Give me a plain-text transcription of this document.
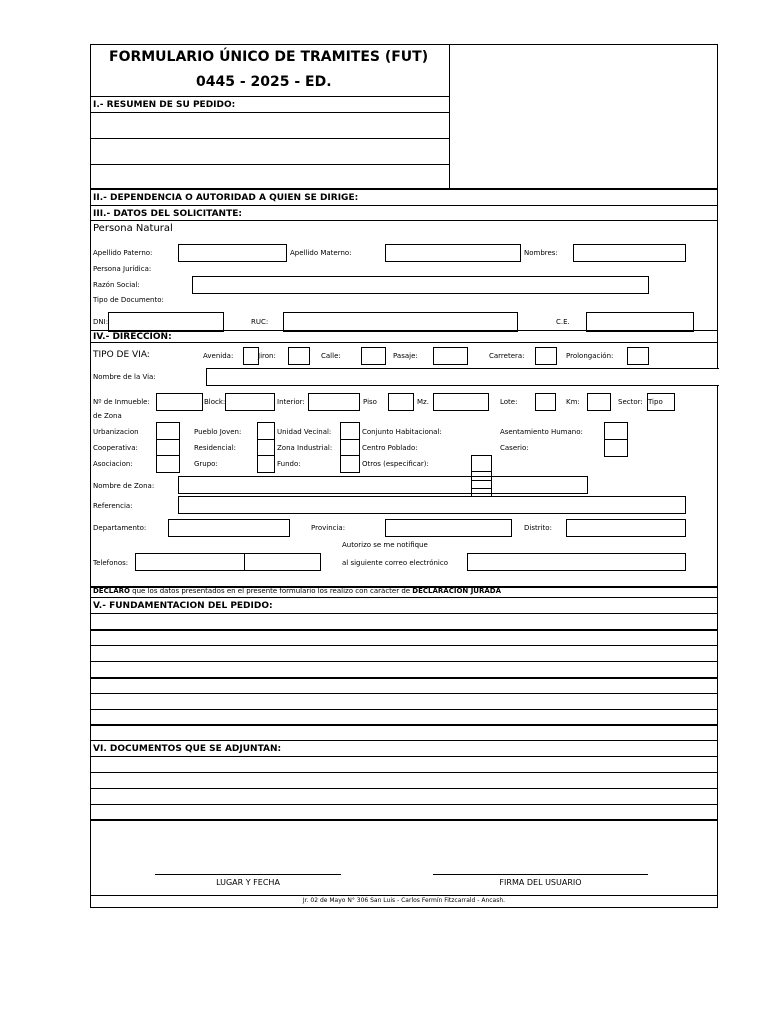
FORMULARIO ÚNICO DE TRAMITES (FUT)
0445 - 2025 - ED.
I.- RESUMEN DE SU PEDIDO:
II.- DEPENDENCIA O AUTORIDAD A QUIEN SE DIRIGE:
III.- DATOS DEL SOLICITANTE:
Persona Natural
Apellido Paterno:	Apellido Materno:	Nombres:
Persona Jurídica:
Razón Social:
Tipo de Documento:
DNI:	RUC:	C.E.
IV.- DIRECCION:
TIPO DE VIA:	Avenida:	Jiron:	Calle:	Pasaje:	Carretera:	Prolongación:
Nombre de la Via:
Nº de Inmueble:	Block:	Interior:	Piso	Mz.	Lote:	Km:	Sector: Tipo
de Zona
Urbanizacion	Pueblo Joven:	Unidad Vecinal:	Conjunto Habitacional:	Asentamiento Humano:
Cooperativa:	Residencial:	Zona Industrial:	Centro Poblado:	Caserio:
Asociacion:	Grupo:	Fundo:	Otros (especificar):
Nombre de Zona:
Referencia:
Departamento:	Provincia:	Distrito:
Autorizo se me notifique
Telefonos:	al siguiente correo electrónico
DECLARO que los datos presentados en el presente formulario los realizo con carácter de DECLARACION JURADA
V.- FUNDAMENTACION DEL PEDIDO:
VI. DOCUMENTOS QUE SE ADJUNTAN:
LUGAR Y FECHA	FIRMA DEL USUARIO
Jr. 02 de Mayo N° 306 San Luis - Carlos Fermín Fitzcarrald - Ancash.
